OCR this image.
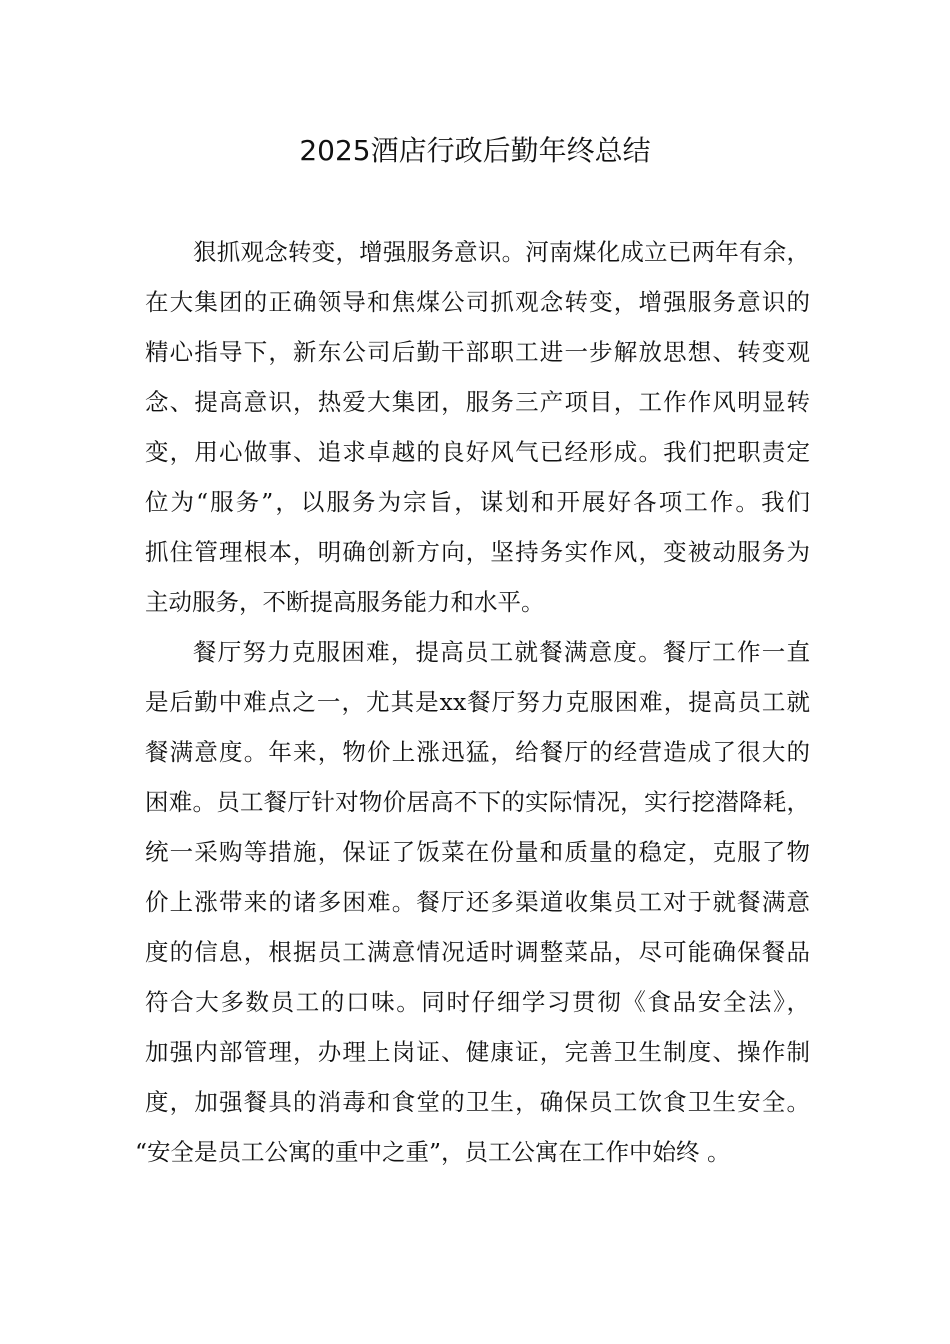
2025酒店行政后勤年终总结
狠抓观念转变，增强服务意识。河南煤化成立已两年有余，
在大集团的正确领导和焦煤公司抓观念转变，增强服务意识的
精心指导下，新东公司后勤干部职工进一步解放思想、转变观
念、提高意识，热爱大集团，服务三产项目，工作作风明显转
变，用心做事、追求卓越的良好风气已经形成。我们把职责定
位为“服务”，以服务为宗旨，谋划和开展好各项工作。我们
抓住管理根本，明确创新方向，坚持务实作风，变被动服务为
主动服务，不断提高服务能力和水平。
餐厅努力克服困难，提高员工就餐满意度。餐厅工作一直
是后勤中难点之一，尤其是xx餐厅努力克服困难，提高员工就
餐满意度。年来，物价上涨迅猛，给餐厅的经营造成了很大的
困难。员工餐厅针对物价居高不下的实际情况，实行挖潜降耗，
统一采购等措施，保证了饭菜在份量和质量的稳定，克服了物
价上涨带来的诸多困难。餐厅还多渠道收集员工对于就餐满意
度的信息，根据员工满意情况适时调整菜品，尽可能确保餐品
符合大多数员工的口味。同时仔细学习贯彻《食品安全法》，
加强内部管理，办理上岗证、健康证，完善卫生制度、操作制
度，加强餐具的消毒和食堂的卫生，确保员工饮食卫生安全。
“安全是员工公寓的重中之重”，员工公寓在工作中始终 。
